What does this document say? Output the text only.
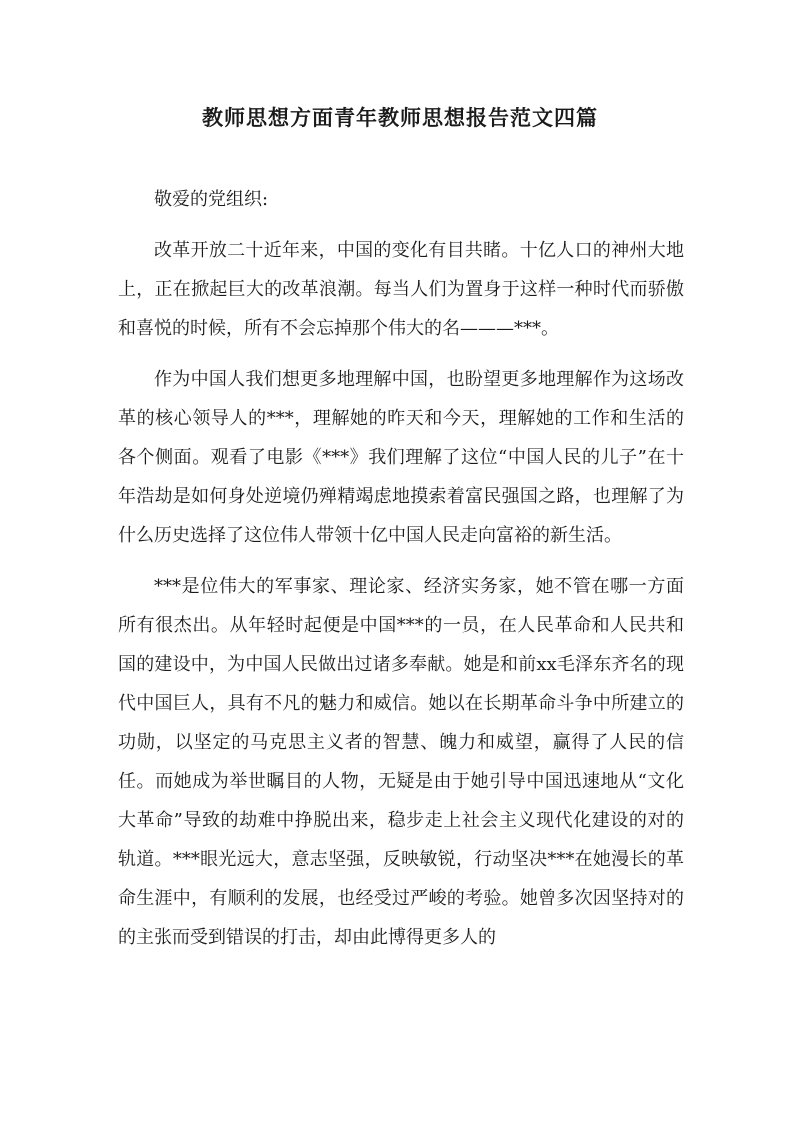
教师思想方面青年教师思想报告范文四篇

敬爱的党组织:

改革开放二十近年来，中国的变化有目共睹。十亿人口的神州大地上，正在掀起巨大的改革浪潮。每当人们为置身于这样一种时代而骄傲和喜悦的时候，所有不会忘掉那个伟大的名———***。

作为中国人我们想更多地理解中国，也盼望更多地理解作为这场改革的核心领导人的***，理解她的昨天和今天，理解她的工作和生活的各个侧面。观看了电影《***》我们理解了这位“中国人民的儿子”在十年浩劫是如何身处逆境仍殚精竭虑地摸索着富民强国之路，也理解了为什么历史选择了这位伟人带领十亿中国人民走向富裕的新生活。

***是位伟大的军事家、理论家、经济实务家，她不管在哪一方面所有很杰出。从年轻时起便是中国***的一员，在人民革命和人民共和国的建设中，为中国人民做出过诸多奉献。她是和前xx毛泽东齐名的现代中国巨人，具有不凡的魅力和威信。她以在长期革命斗争中所建立的功勋，以坚定的马克思主义者的智慧、魄力和威望，赢得了人民的信任。而她成为举世瞩目的人物，无疑是由于她引导中国迅速地从“文化大革命”导致的劫难中挣脱出来，稳步走上社会主义现代化建设的对的轨道。***眼光远大，意志坚强，反映敏锐，行动坚决***在她漫长的革命生涯中，有顺利的发展，也经受过严峻的考验。她曾多次因坚持对的的主张而受到错误的打击，却由此博得更多人的
